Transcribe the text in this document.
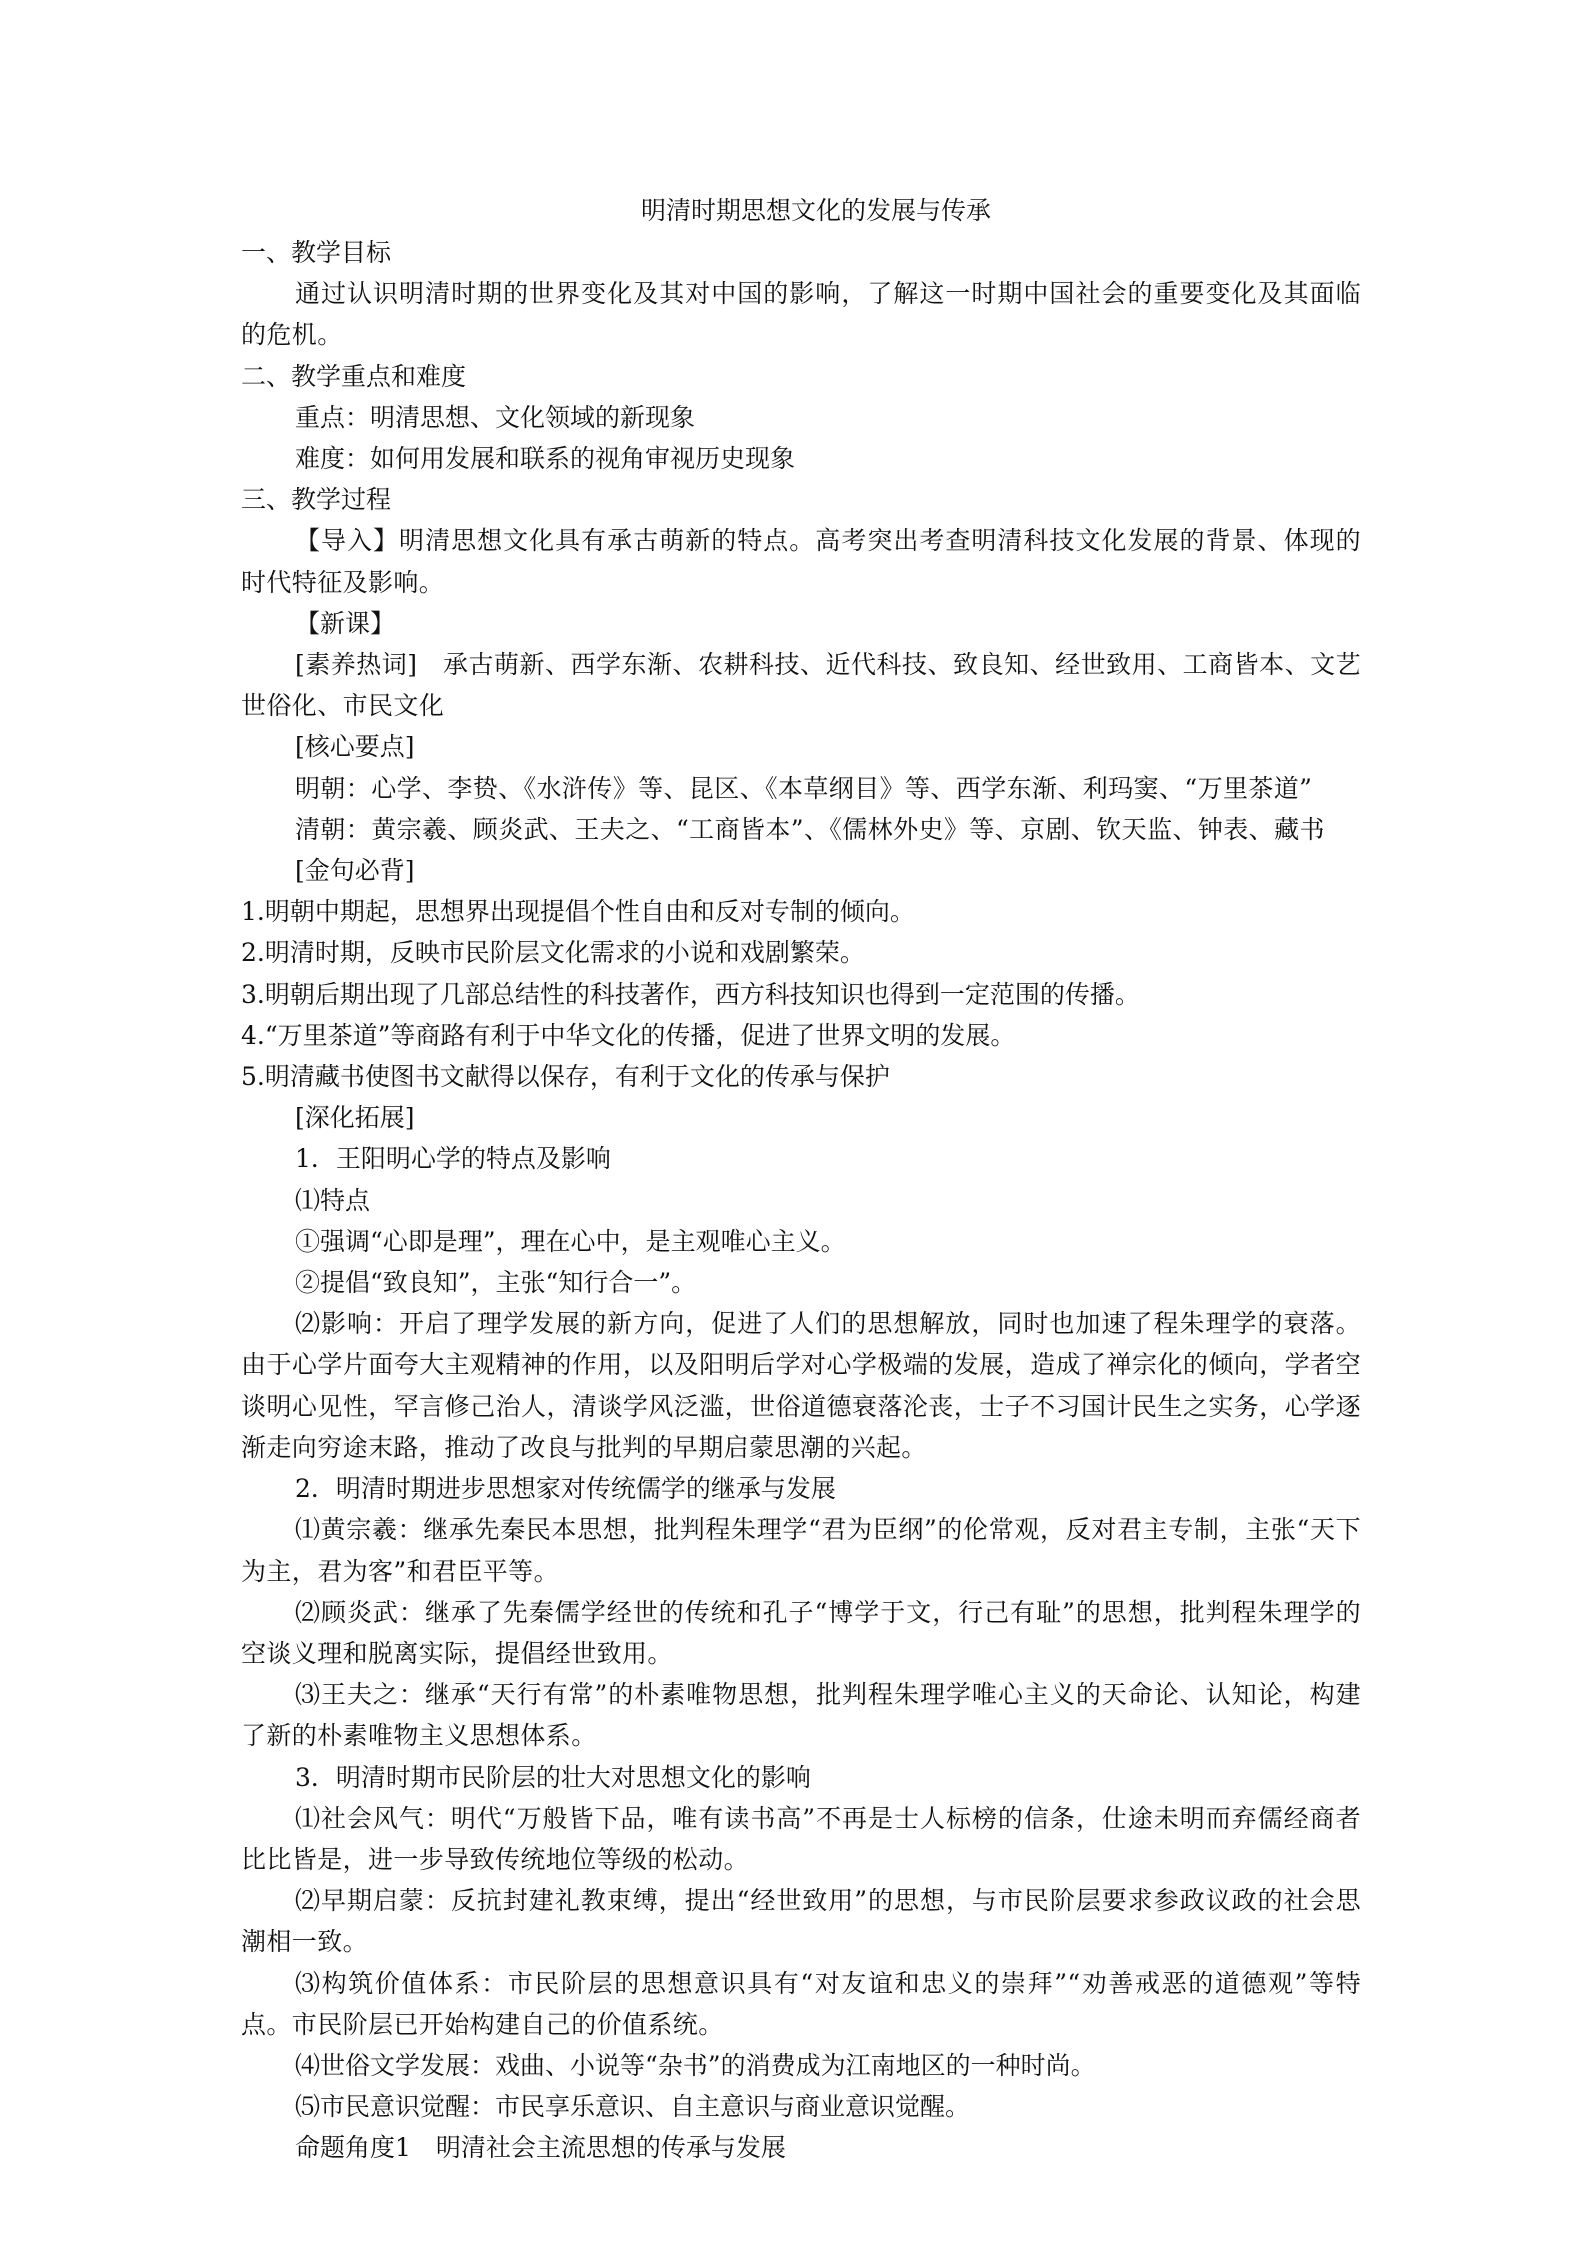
明清时期思想文化的发展与传承

一、教学目标

通过认识明清时期的世界变化及其对中国的影响，了解这一时期中国社会的重要变化及其面临的危机。

二、教学重点和难度

重点：明清思想、文化领域的新现象

难度：如何用发展和联系的视角审视历史现象

三、教学过程

【导入】明清思想文化具有承古萌新的特点。高考突出考查明清科技文化发展的背景、体现的时代特征及影响。

【新课】

[素养热词]　承古萌新、西学东渐、农耕科技、近代科技、致良知、经世致用、工商皆本、文艺世俗化、市民文化

[核心要点]

明朝：心学、李贽、《水浒传》等、昆区、《本草纲目》等、西学东渐、利玛窦、“万里茶道”

清朝：黄宗羲、顾炎武、王夫之、“工商皆本”、《儒林外史》等、京剧、钦天监、钟表、藏书

[金句必背]

1.明朝中期起，思想界出现提倡个性自由和反对专制的倾向。

2.明清时期，反映市民阶层文化需求的小说和戏剧繁荣。

3.明朝后期出现了几部总结性的科技著作，西方科技知识也得到一定范围的传播。

4.“万里茶道”等商路有利于中华文化的传播，促进了世界文明的发展。

5.明清藏书使图书文献得以保存，有利于文化的传承与保护

[深化拓展]

1．王阳明心学的特点及影响

⑴特点

①强调“心即是理”，理在心中，是主观唯心主义。

②提倡“致良知”，主张“知行合一”。

⑵影响：开启了理学发展的新方向，促进了人们的思想解放，同时也加速了程朱理学的衰落。由于心学片面夸大主观精神的作用，以及阳明后学对心学极端的发展，造成了禅宗化的倾向，学者空谈明心见性，罕言修己治人，清谈学风泛滥，世俗道德衰落沦丧，士子不习国计民生之实务，心学逐渐走向穷途末路，推动了改良与批判的早期启蒙思潮的兴起。

2．明清时期进步思想家对传统儒学的继承与发展

⑴黄宗羲：继承先秦民本思想，批判程朱理学“君为臣纲”的伦常观，反对君主专制，主张“天下为主，君为客”和君臣平等。

⑵顾炎武：继承了先秦儒学经世的传统和孔子“博学于文，行己有耻”的思想，批判程朱理学的空谈义理和脱离实际，提倡经世致用。

⑶王夫之：继承“天行有常”的朴素唯物思想，批判程朱理学唯心主义的天命论、认知论，构建了新的朴素唯物主义思想体系。

3．明清时期市民阶层的壮大对思想文化的影响

⑴社会风气：明代“万般皆下品，唯有读书高”不再是士人标榜的信条，仕途未明而弃儒经商者比比皆是，进一步导致传统地位等级的松动。

⑵早期启蒙：反抗封建礼教束缚，提出“经世致用”的思想，与市民阶层要求参政议政的社会思潮相一致。

⑶构筑价值体系：市民阶层的思想意识具有“对友谊和忠义的崇拜”“劝善戒恶的道德观”等特点。市民阶层已开始构建自己的价值系统。

⑷世俗文学发展：戏曲、小说等“杂书”的消费成为江南地区的一种时尚。

⑸市民意识觉醒：市民享乐意识、自主意识与商业意识觉醒。

命题角度1　明清社会主流思想的传承与发展
